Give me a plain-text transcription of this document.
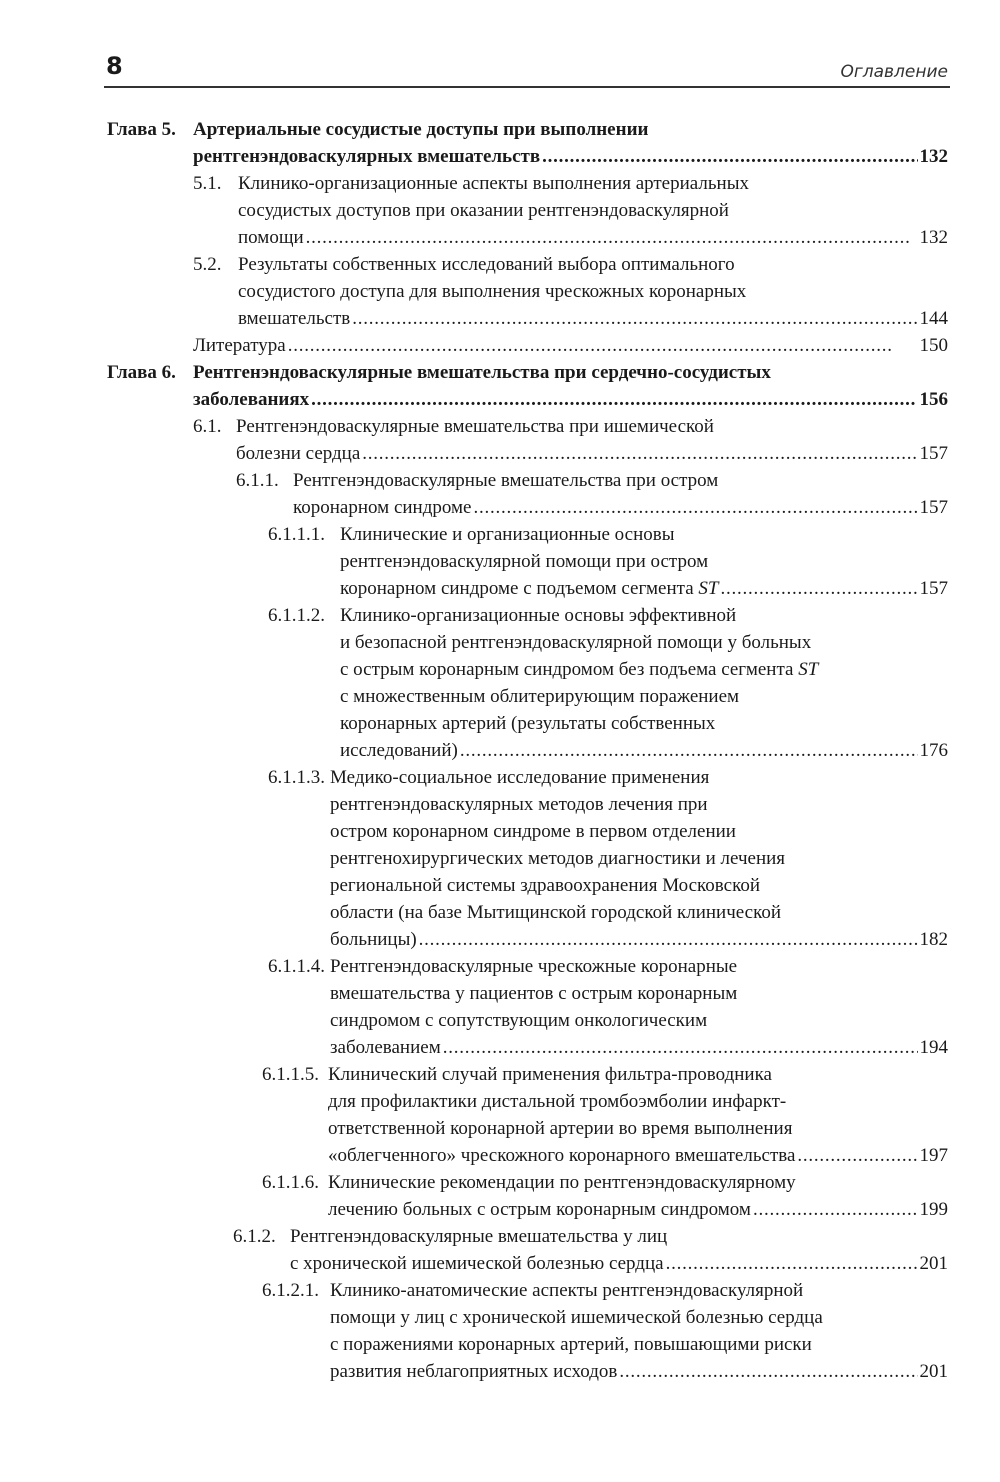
8	Оглавление
Глава 5. Артериальные сосудистые доступы при выполнении
рентгенэндоваскулярных вмешательств . . .	132
5.1. Клинико-организационные аспекты выполнения артериальных
сосудистых доступов при оказании рентгенэндоваскулярной
помощи . . .	132
5.2. Результаты собственных исследований выбора оптимального
сосудистого доступа для выполнения чрескожных коронарных
вмешательств . . .	144
Литература . . .	150
Глава 6. Рентгенэндоваскулярные вмешательства при сердечно-сосудистых
заболеваниях . . .	156
6.1. Рентгенэндоваскулярные вмешательства при ишемической
болезни сердца . . .	157
6.1.1. Рентгенэндоваскулярные вмешательства при остром
коронарном синдроме . . .	157
6.1.1.1. Клинические и организационные основы
рентгенэндоваскулярной помощи при остром
коронарном синдроме с подъемом сегмента ST . . .	157
6.1.1.2. Клинико-организационные основы эффективной
и безопасной рентгенэндоваскулярной помощи у больных
с острым коронарным синдромом без подъема сегмента ST
с множественным облитерирующим поражением
коронарных артерий (результаты собственных
исследований) . . .	176
6.1.1.3. Медико-социальное исследование применения
рентгенэндоваскулярных методов лечения при
остром коронарном синдроме в первом отделении
рентгенохирургических методов диагностики и лечения
региональной системы здравоохранения Московской
области (на базе Мытищинской городской клинической
больницы) . . .	182
6.1.1.4. Рентгенэндоваскулярные чрескожные коронарные
вмешательства у пациентов с острым коронарным
синдромом с сопутствующим онкологическим
заболеванием . . .	194
6.1.1.5. Клинический случай применения фильтра-проводника
для профилактики дистальной тромбоэмболии инфаркт-
ответственной коронарной артерии во время выполнения
«облегченного» чрескожного коронарного вмешательства . . .	197
6.1.1.6. Клинические рекомендации по рентгенэндоваскулярному
лечению больных с острым коронарным синдромом . . .	199
6.1.2. Рентгенэндоваскулярные вмешательства у лиц
с хронической ишемической болезнью сердца . . .	201
6.1.2.1. Клинико-анатомические аспекты рентгенэндоваскулярной
помощи у лиц с хронической ишемической болезнью сердца
с поражениями коронарных артерий, повышающими риски
развития неблагоприятных исходов . . .	201
